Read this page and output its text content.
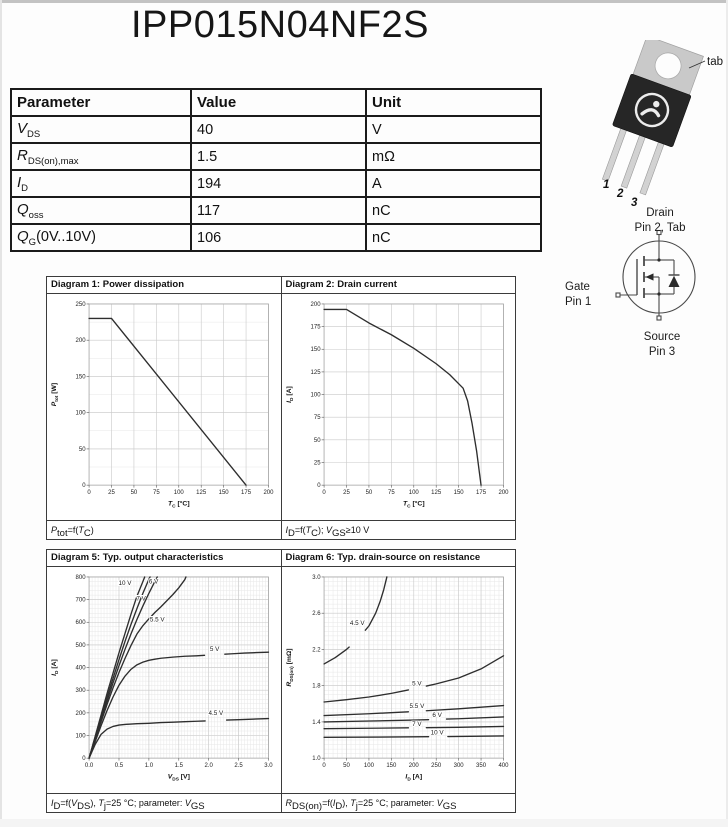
IPP015N04NF2S
Parameter	Value	Unit
$V_{DS}$	40	V
$R_{DS(on),max}$	1.5	mΩ
$I_D$	194	A
$Q_{oss}$	117	nC
$Q_G(0V..10V)$	106	nC
tab
1
2
3
Drain
Pin 2, Tab
Gate
Pin 1
Source
Pin 3
Diagram 1: Power dissipation
0	25	50	75 100 125 150 175 200
0
50
100
150
200
250
$T_C$ [°C]
$P_{tot}$ [W]
$P_{tot}=f(T_C)$
Diagram 2: Drain current
0	25	50	75 100 125 150 175 200
0
25
50
75
100
125
150
175
200
$T_C$ [°C]
$I_D$ [A]
$I_D=f(T_C)$; $V_{GS}\ge 10$ V
Diagram 5: Typ. output characteristics
0.0	0.5	1.0	1.5	2.0	2.5	3.0
0
100
200
300
400
500
600
700
800
$V_{DS}$ [V]
$I_D$ [A]
10 V
7 V
6 V
5.5 V
5 V
4.5 V
$I_D=f(V_{DS})$, $T_j=25$ °C; parameter: $V_{GS}$
Diagram 6: Typ. drain-source on resistance
0	50 100 150 200 250 300 350 400
1.0
1.4
1.8
2.2
2.6
3.0
$I_D$ [A]
$R_{DS(on)}$ [mΩ]
4.5 V
5 V
5.5 V
6 V
7 V
10 V
$R_{DS(on)}=f(I_D)$, $T_j=25$ °C; parameter: $V_{GS}$
